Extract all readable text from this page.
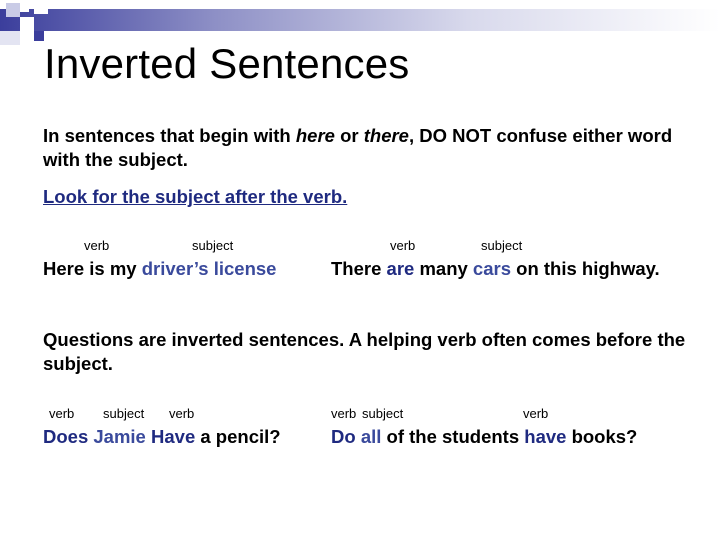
Inverted Sentences
In sentences that begin with here or there, DO NOT confuse either word with the subject.
Look for the subject after the verb.
verb	subject
Here is my driver’s license
verb	subject
There are many cars on this highway.
Questions are inverted sentences. A helping verb often comes before the subject.
verb subject verb
Does Jamie Have a pencil?
verb subject	verb
Do all of the students have books?
